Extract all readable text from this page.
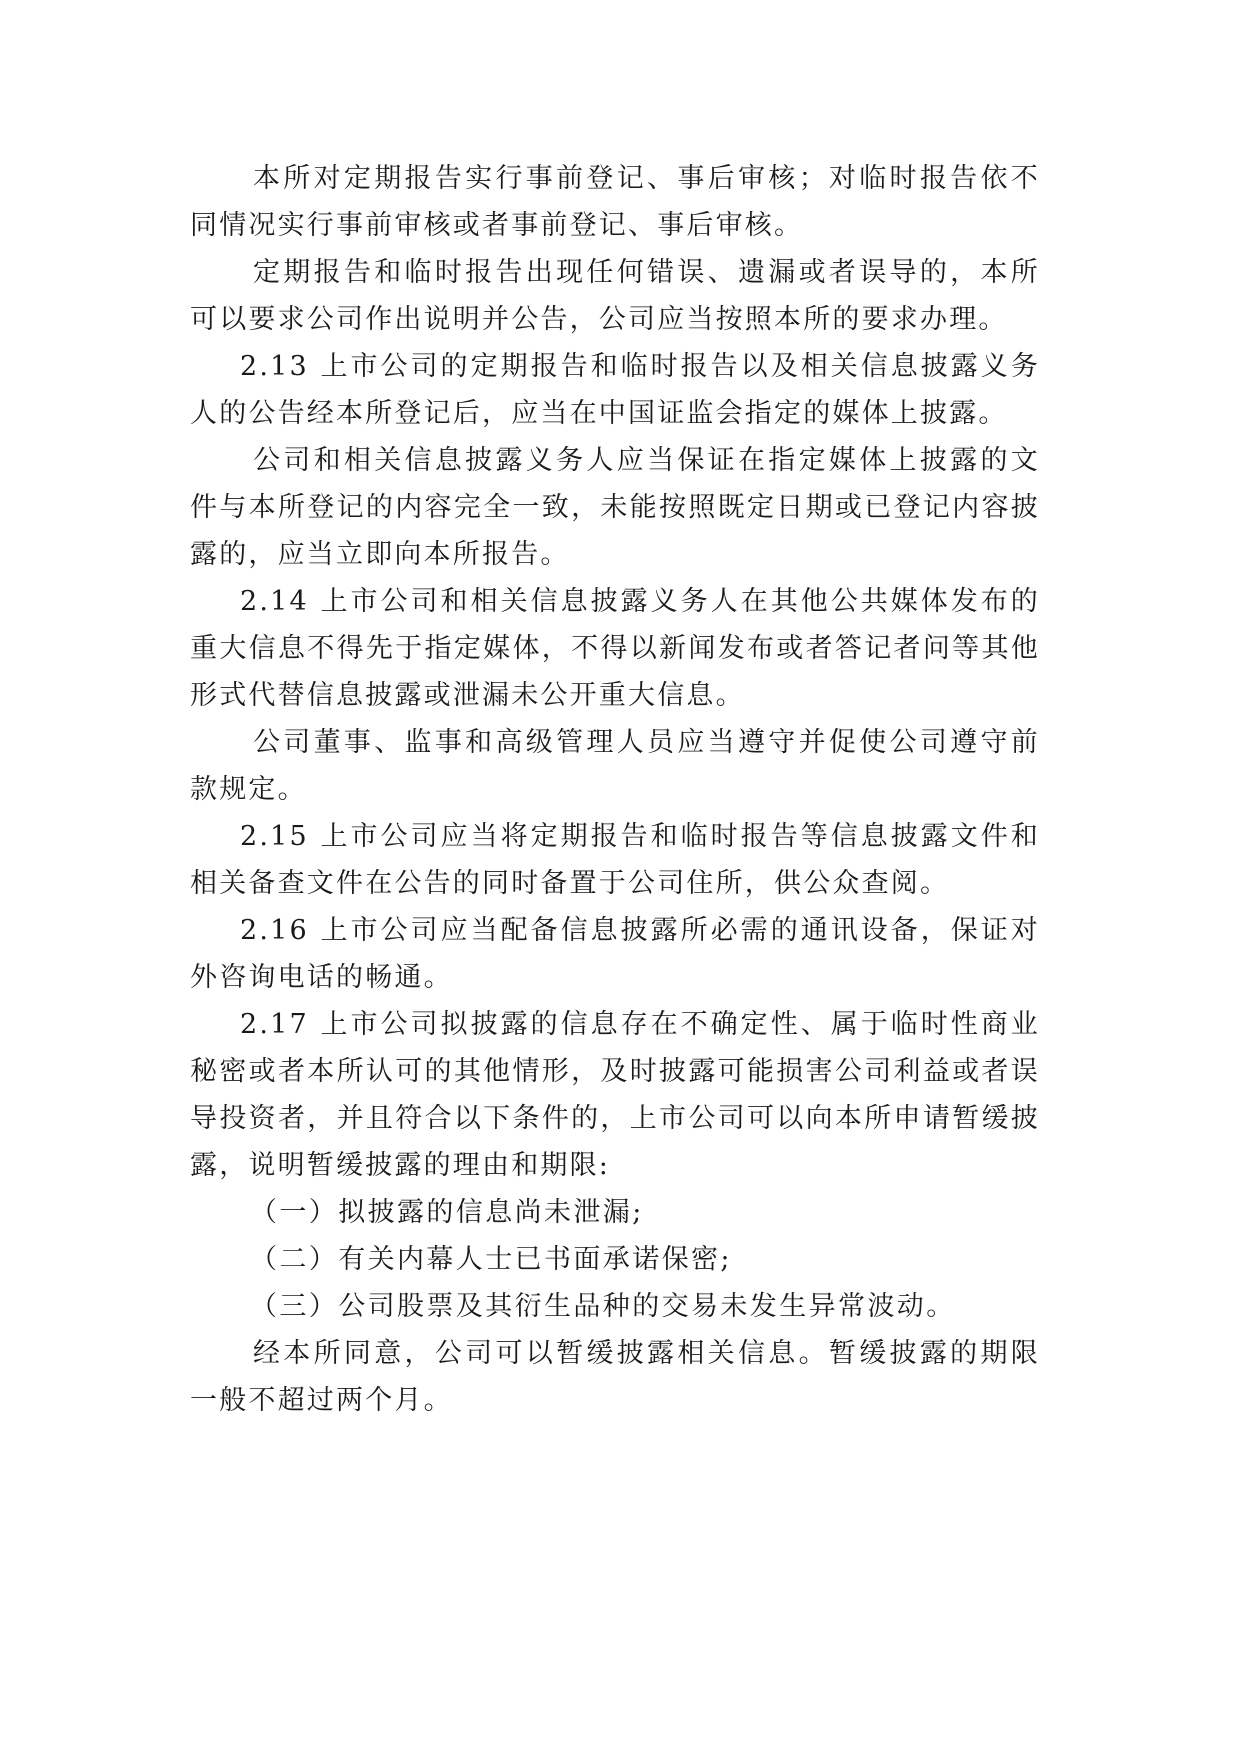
本所对定期报告实行事前登记、事后审核；对临时报告依不同情况实行事前审核或者事前登记、事后审核。

定期报告和临时报告出现任何错误、遗漏或者误导的，本所可以要求公司作出说明并公告，公司应当按照本所的要求办理。

2.13 上市公司的定期报告和临时报告以及相关信息披露义务人的公告经本所登记后，应当在中国证监会指定的媒体上披露。

公司和相关信息披露义务人应当保证在指定媒体上披露的文件与本所登记的内容完全一致，未能按照既定日期或已登记内容披露的，应当立即向本所报告。

2.14 上市公司和相关信息披露义务人在其他公共媒体发布的重大信息不得先于指定媒体，不得以新闻发布或者答记者问等其他形式代替信息披露或泄漏未公开重大信息。

公司董事、监事和高级管理人员应当遵守并促使公司遵守前款规定。

2.15 上市公司应当将定期报告和临时报告等信息披露文件和相关备查文件在公告的同时备置于公司住所，供公众查阅。

2.16 上市公司应当配备信息披露所必需的通讯设备，保证对外咨询电话的畅通。

2.17 上市公司拟披露的信息存在不确定性、属于临时性商业秘密或者本所认可的其他情形，及时披露可能损害公司利益或者误导投资者，并且符合以下条件的，上市公司可以向本所申请暂缓披露，说明暂缓披露的理由和期限:

（一）拟披露的信息尚未泄漏;

（二）有关内幕人士已书面承诺保密;

（三）公司股票及其衍生品种的交易未发生异常波动。

经本所同意，公司可以暂缓披露相关信息。暂缓披露的期限一般不超过两个月。
